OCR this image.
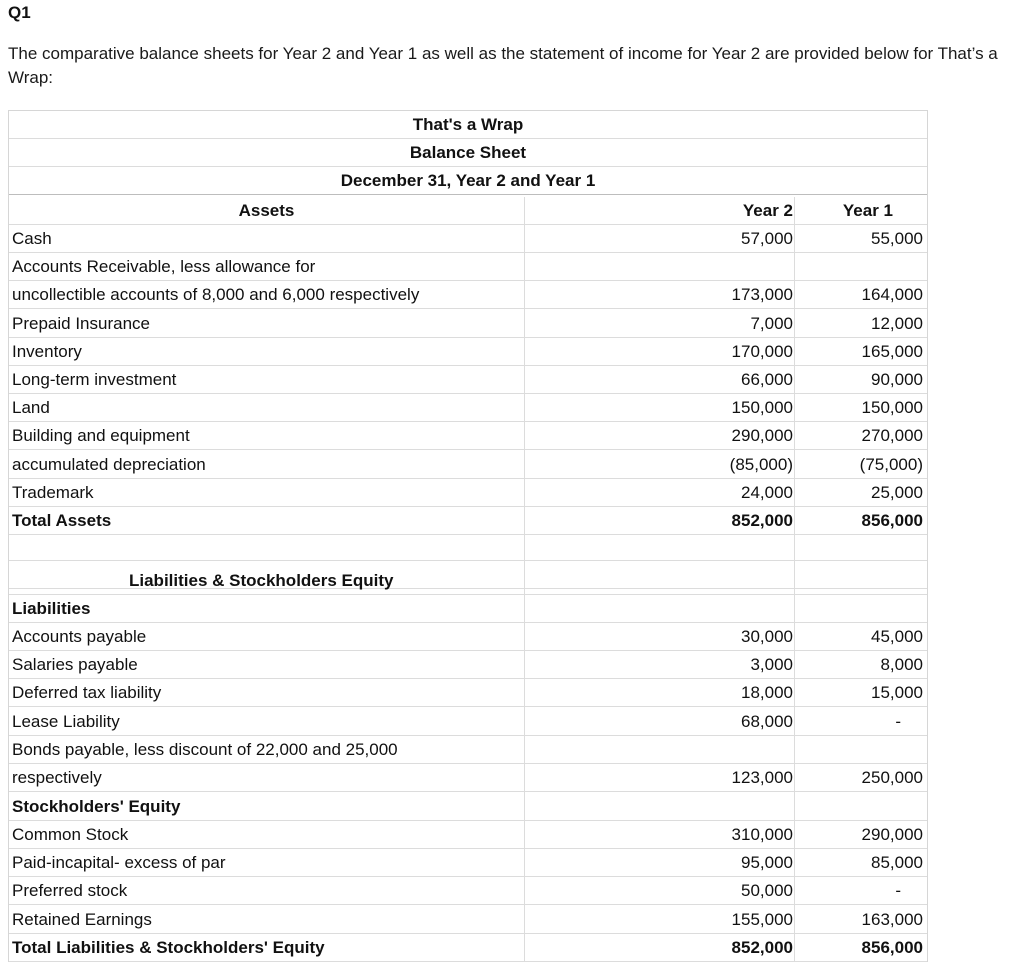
Q1
The comparative balance sheets for Year 2 and Year 1 as well as the statement of income for Year 2 are provided below for That’s a Wrap:
That's a Wrap
Balance Sheet
December 31, Year 2 and Year 1
Assets	Year 2	Year 1
Cash	57,000	55,000
Accounts Receivable, less allowance for
uncollectible accounts of 8,000 and 6,000 respectively	173,000	164,000
Prepaid Insurance	7,000	12,000
Inventory	170,000	165,000
Long-term investment	66,000	90,000
Land	150,000	150,000
Building and equipment	290,000	270,000
accumulated depreciation	(85,000)	(75,000)
Trademark	24,000	25,000
Total Assets	852,000	856,000
Liabilities & Stockholders Equity
Liabilities
Accounts payable	30,000	45,000
Salaries payable	3,000	8,000
Deferred tax liability	18,000	15,000
Lease Liability	68,000	-
Bonds payable, less discount of 22,000 and 25,000
respectively	123,000	250,000
Stockholders' Equity
Common Stock	310,000	290,000
Paid-incapital- excess of par	95,000	85,000
Preferred stock	50,000	-
Retained Earnings	155,000	163,000
Total Liabilities & Stockholders' Equity	852,000	856,000
